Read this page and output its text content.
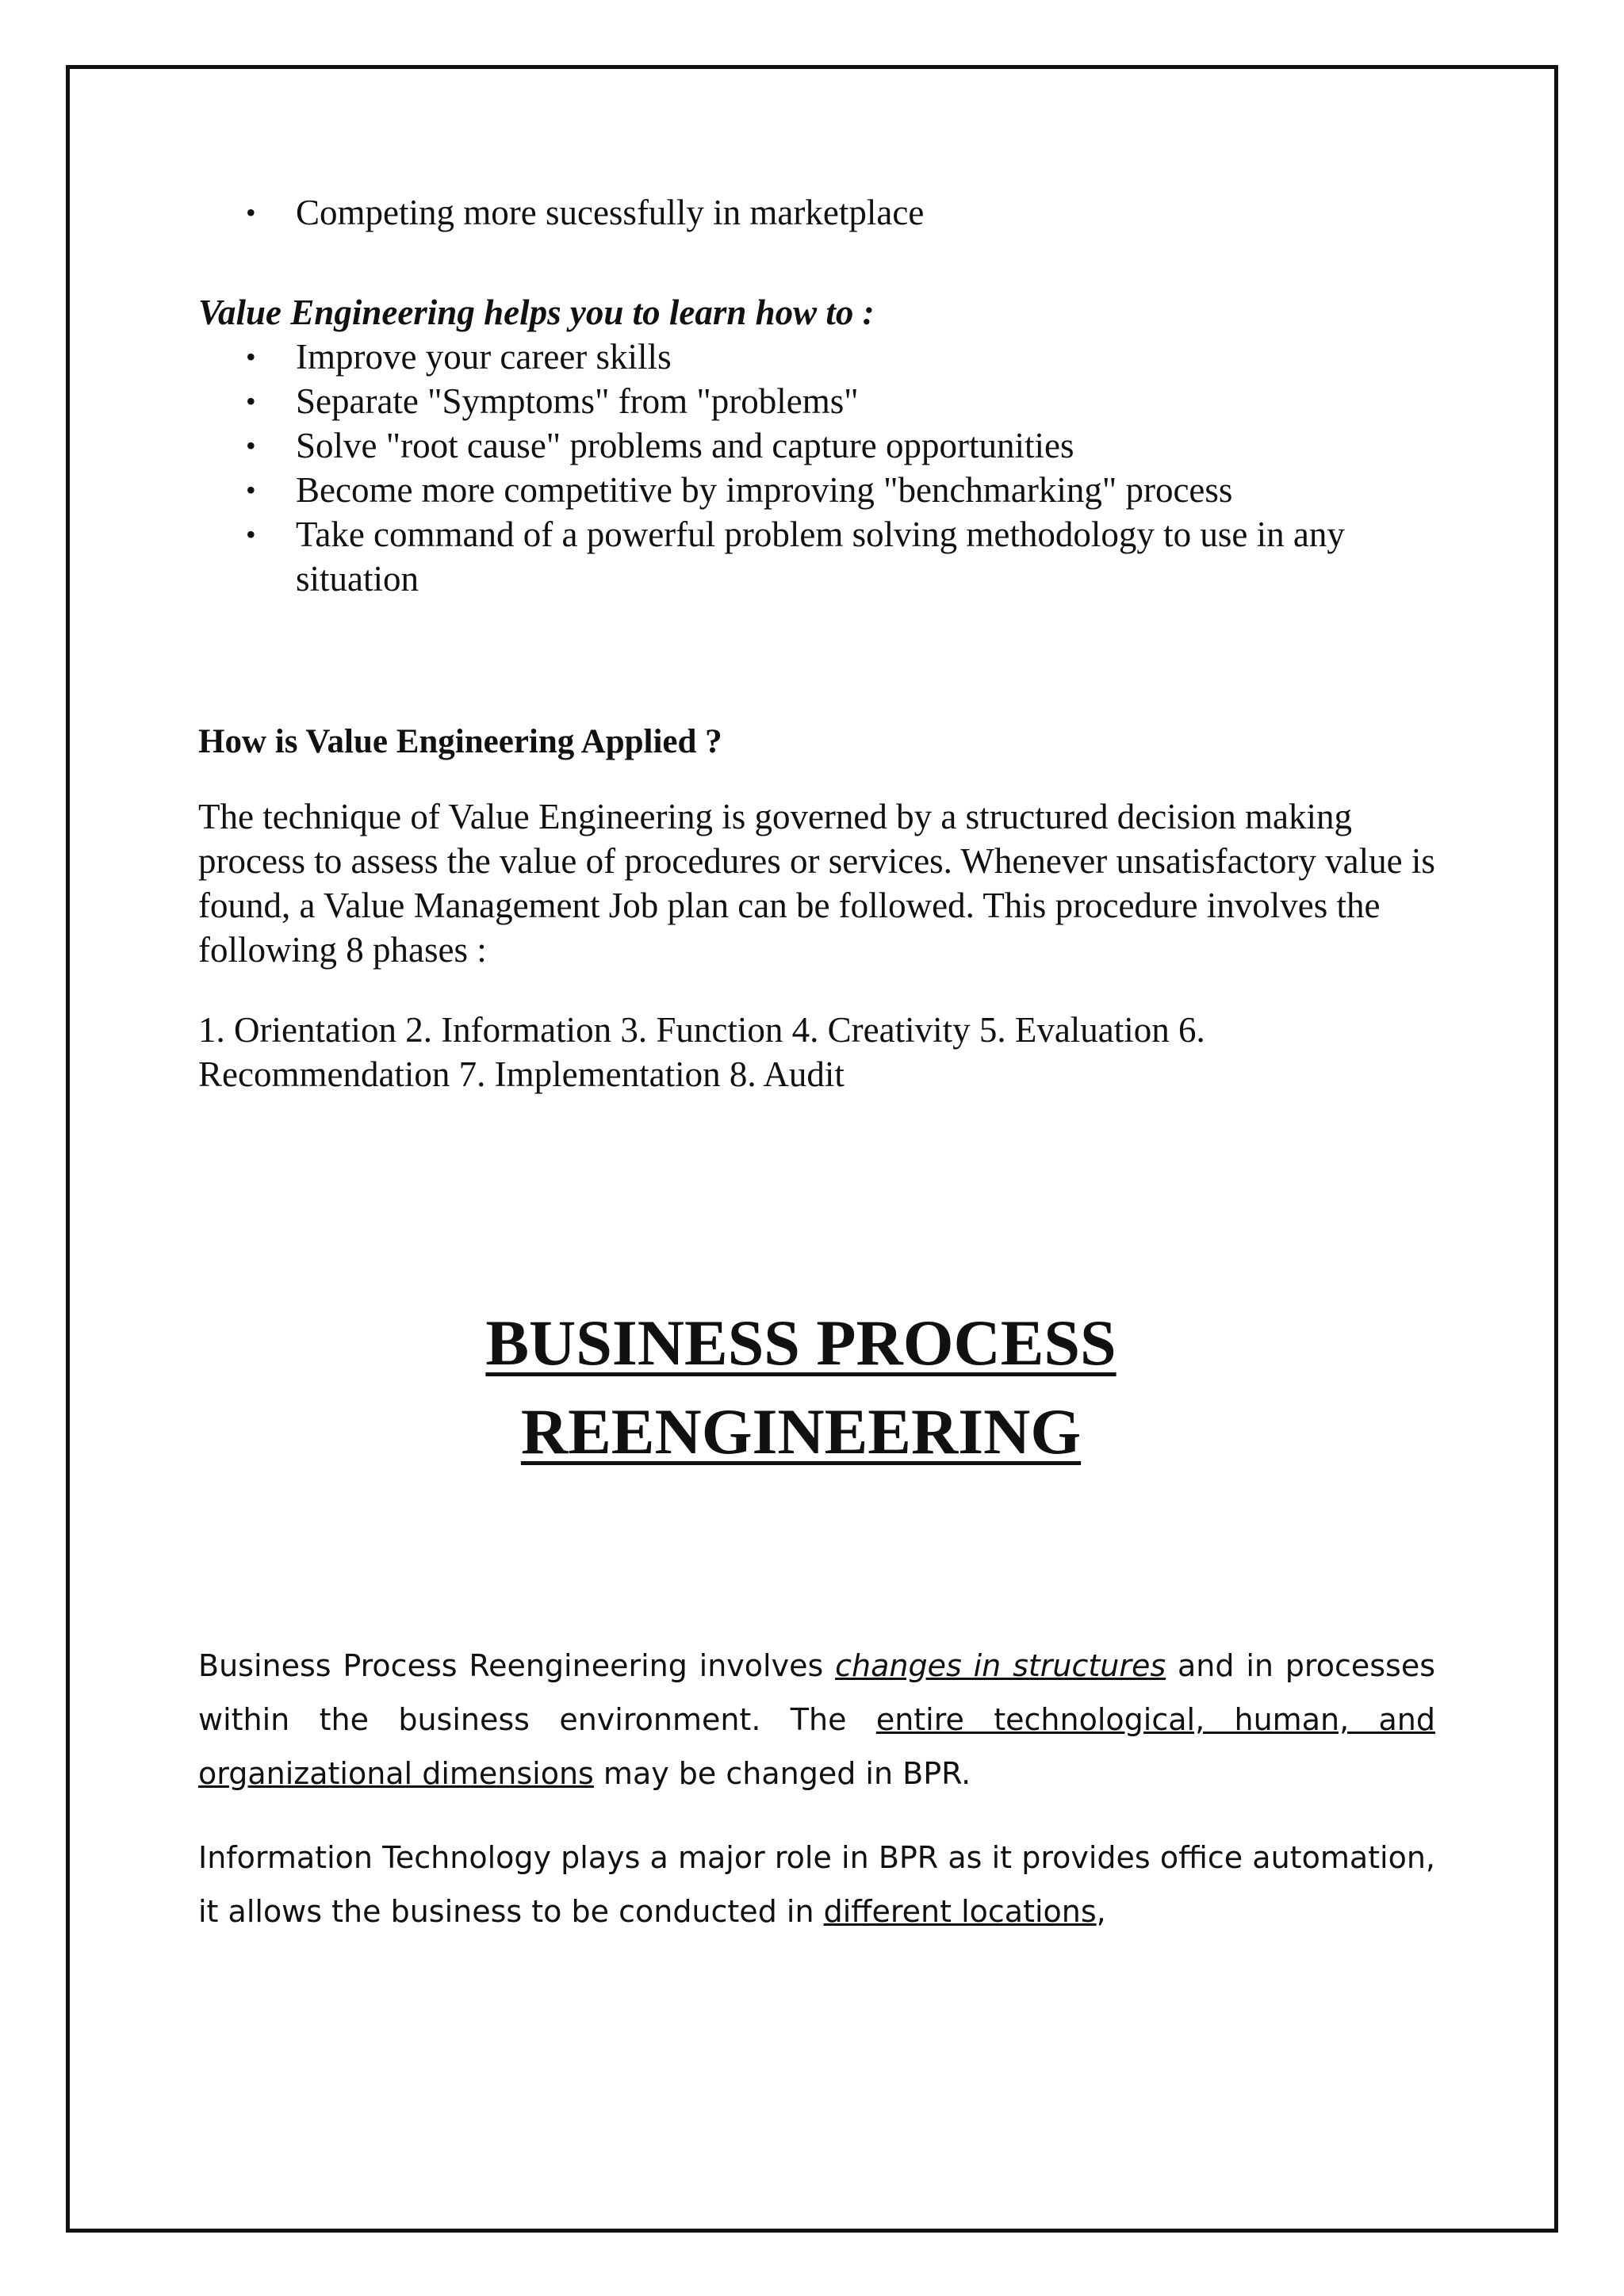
• Competing more sucessfully in marketplace
Value Engineering helps you to learn how to :
• Improve your career skills
• Separate "Symptoms" from "problems"
• Solve "root cause" problems and capture opportunities
• Become more competitive by improving "benchmarking" process
• Take command of a powerful problem solving methodology to use in any situation
How is Value Engineering Applied ?

The technique of Value Engineering is governed by a structured decision making process to assess the value of procedures or services. Whenever unsatisfactory value is found, a Value Management Job plan can be followed. This procedure involves the following 8 phases :

1. Orientation 2. Information 3. Function 4. Creativity 5. Evaluation 6. Recommendation 7. Implementation 8. Audit

BUSINESS PROCESS
REENGINEERING

Business Process Reengineering involves changes in structures and in processes within the business environment. The entire technological, human, and organizational dimensions may be changed in BPR.

Information Technology plays a major role in BPR as it provides office automation, it allows the business to be conducted in different locations,
